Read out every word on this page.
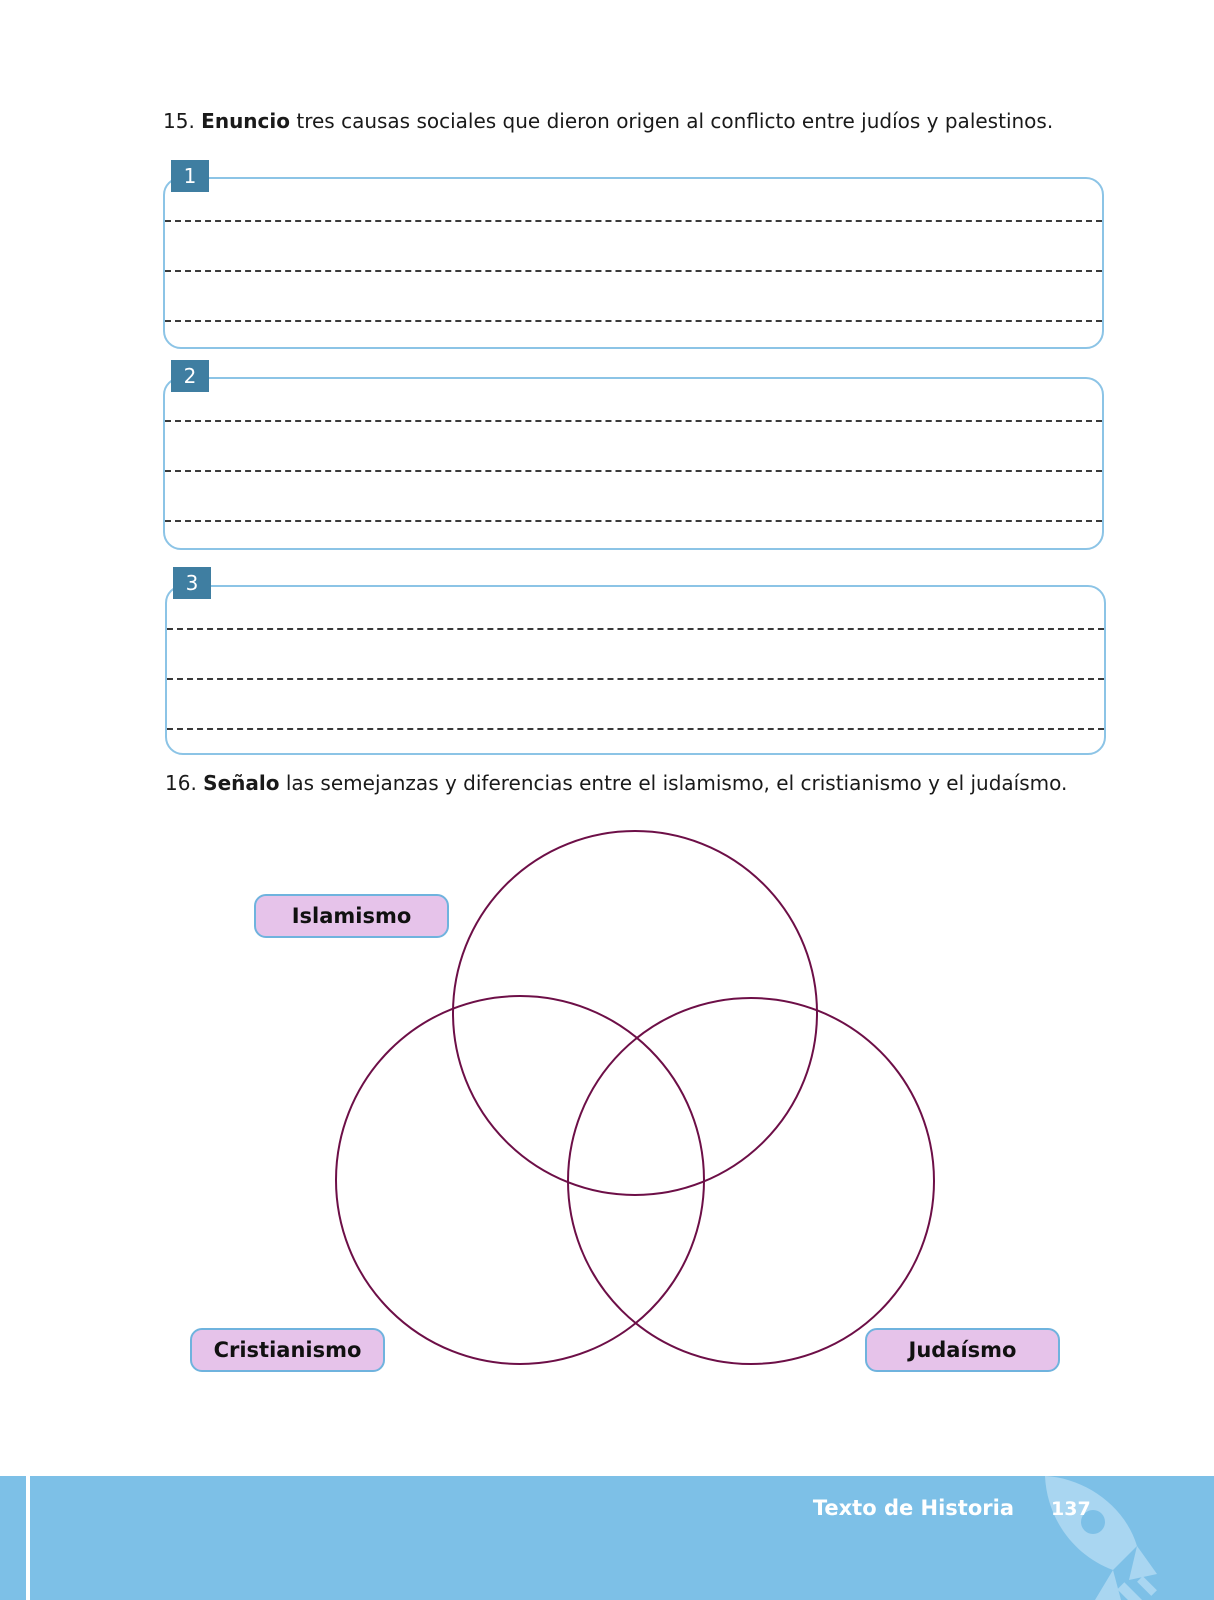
15. Enuncio tres causas sociales que dieron origen al conflicto entre judíos y palestinos.

1
2
3

16. Señalo las semejanzas y diferencias entre el islamismo, el cristianismo y el judaísmo.

Islamismo
Cristianismo	Judaísmo
Texto de Historia 137
